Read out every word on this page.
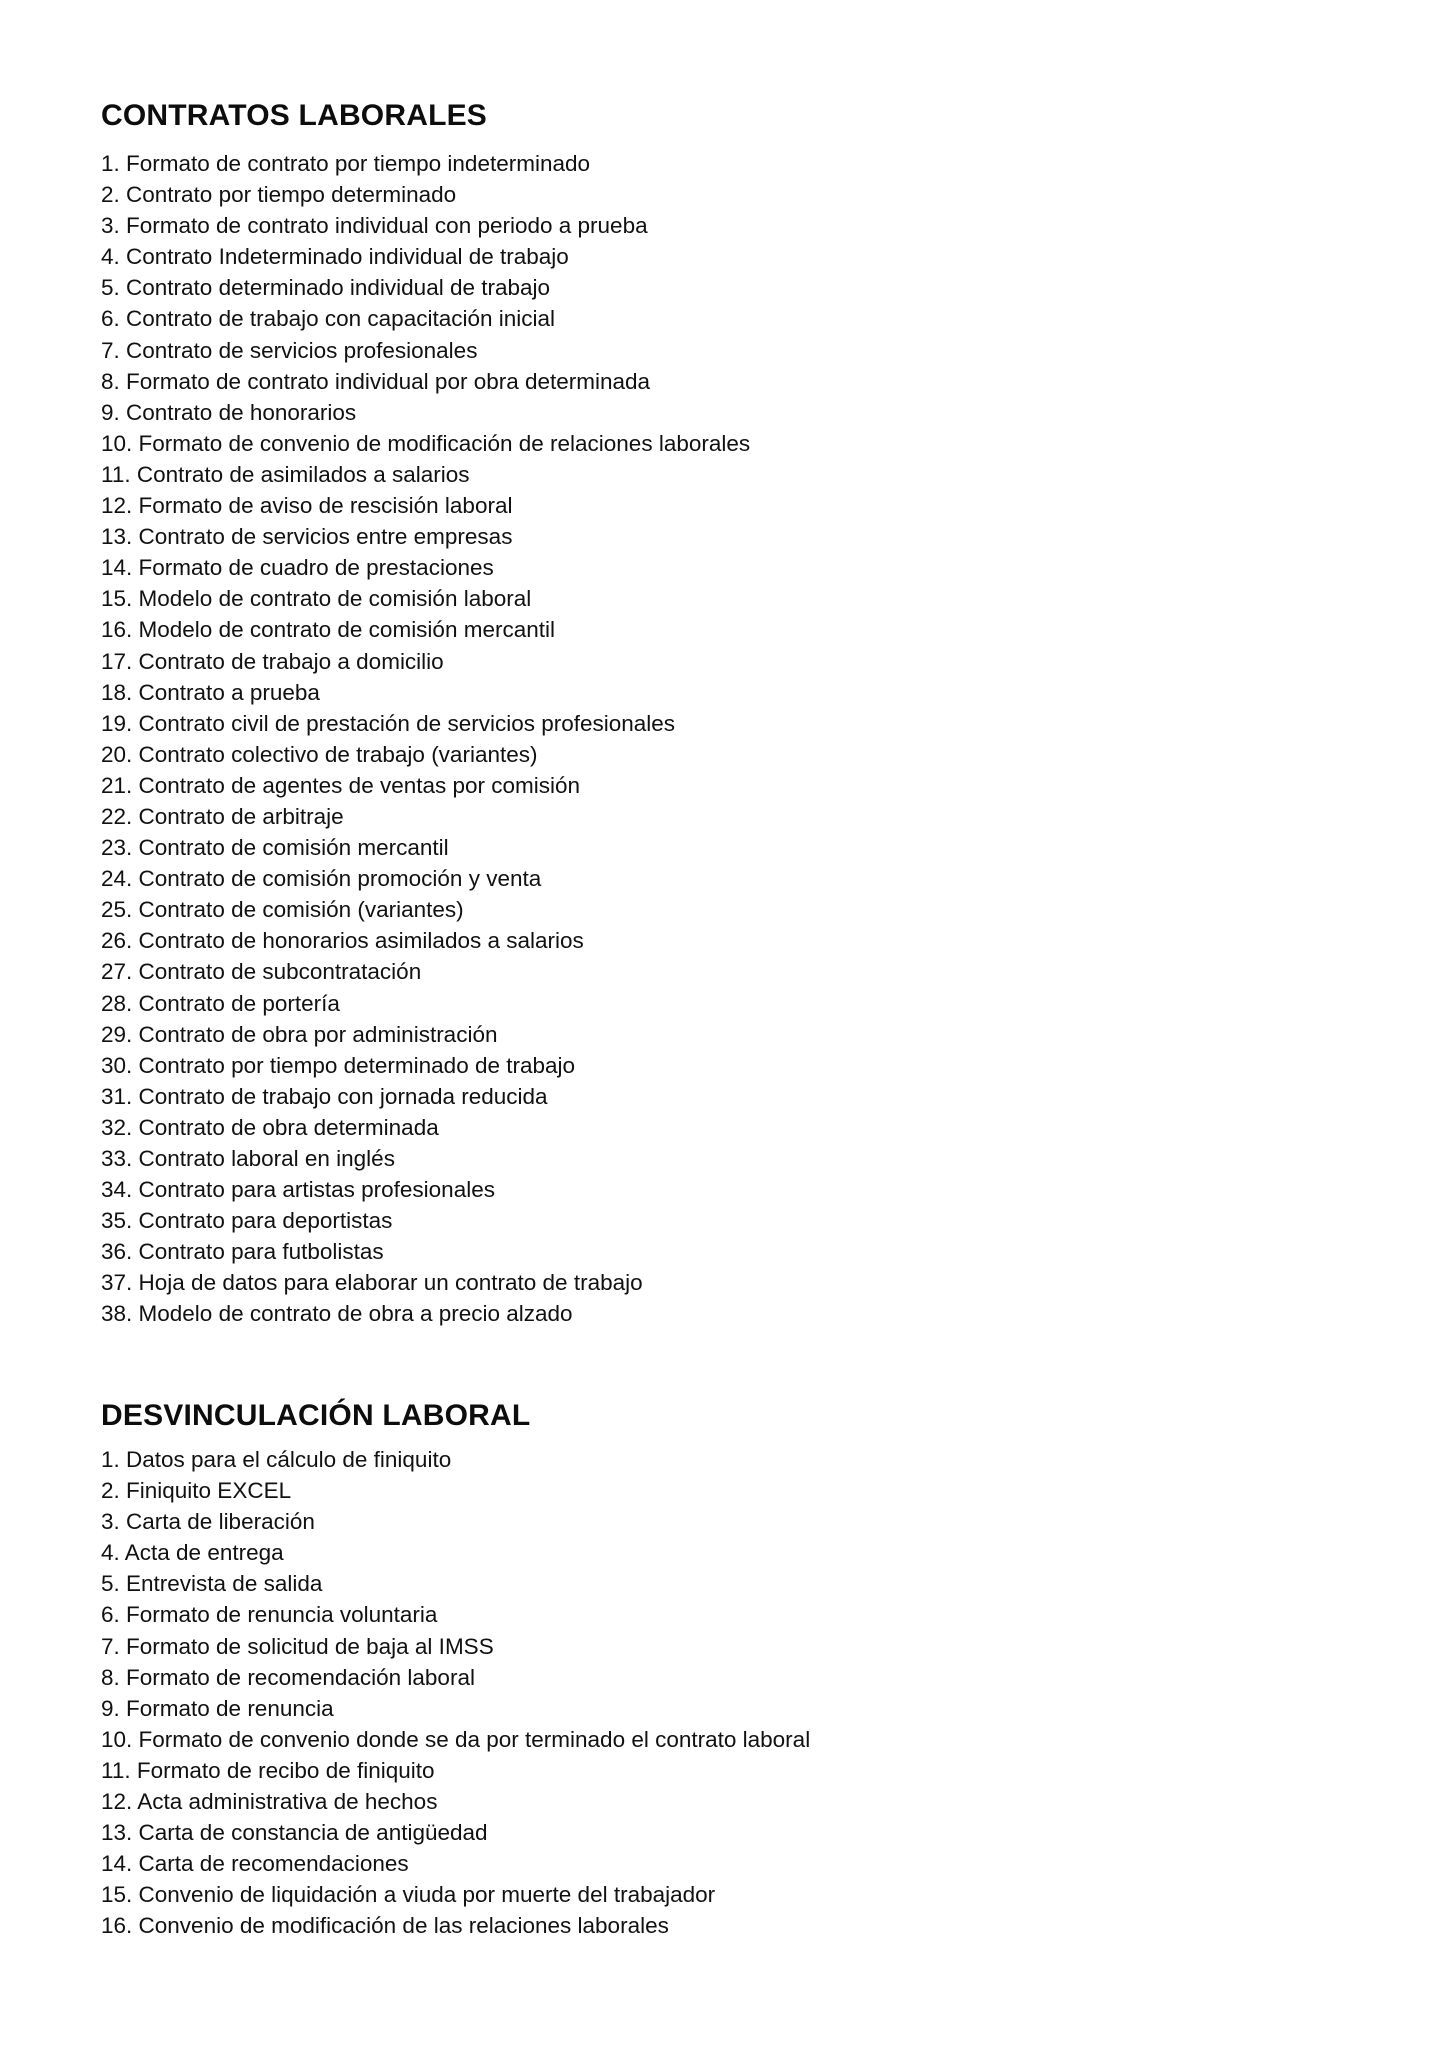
CONTRATOS LABORALES
1. Formato de contrato por tiempo indeterminado
2. Contrato por tiempo determinado
3. Formato de contrato individual con periodo a prueba
4. Contrato Indeterminado individual de trabajo
5. Contrato determinado individual de trabajo
6. Contrato de trabajo con capacitación inicial
7. Contrato de servicios profesionales
8. Formato de contrato individual por obra determinada
9. Contrato de honorarios
10. Formato de convenio de modificación de relaciones laborales
11. Contrato de asimilados a salarios
12. Formato de aviso de rescisión laboral
13. Contrato de servicios entre empresas
14. Formato de cuadro de prestaciones
15. Modelo de contrato de comisión laboral
16. Modelo de contrato de comisión mercantil
17. Contrato de trabajo a domicilio
18. Contrato a prueba
19. Contrato civil de prestación de servicios profesionales
20. Contrato colectivo de trabajo (variantes)
21. Contrato de agentes de ventas por comisión
22. Contrato de arbitraje
23. Contrato de comisión mercantil
24. Contrato de comisión promoción y venta
25. Contrato de comisión (variantes)
26. Contrato de honorarios asimilados a salarios
27. Contrato de subcontratación
28. Contrato de portería
29. Contrato de obra por administración
30. Contrato por tiempo determinado de trabajo
31. Contrato de trabajo con jornada reducida
32. Contrato de obra determinada
33. Contrato laboral en inglés
34. Contrato para artistas profesionales
35. Contrato para deportistas
36. Contrato para futbolistas
37. Hoja de datos para elaborar un contrato de trabajo
38. Modelo de contrato de obra a precio alzado
DESVINCULACIÓN LABORAL
1. Datos para el cálculo de finiquito
2. Finiquito EXCEL
3. Carta de liberación
4. Acta de entrega
5. Entrevista de salida
6. Formato de renuncia voluntaria
7. Formato de solicitud de baja al IMSS
8. Formato de recomendación laboral
9. Formato de renuncia
10. Formato de convenio donde se da por terminado el contrato laboral
11. Formato de recibo de finiquito
12. Acta administrativa de hechos
13. Carta de constancia de antigüedad
14. Carta de recomendaciones
15. Convenio de liquidación a viuda por muerte del trabajador
16. Convenio de modificación de las relaciones laborales
